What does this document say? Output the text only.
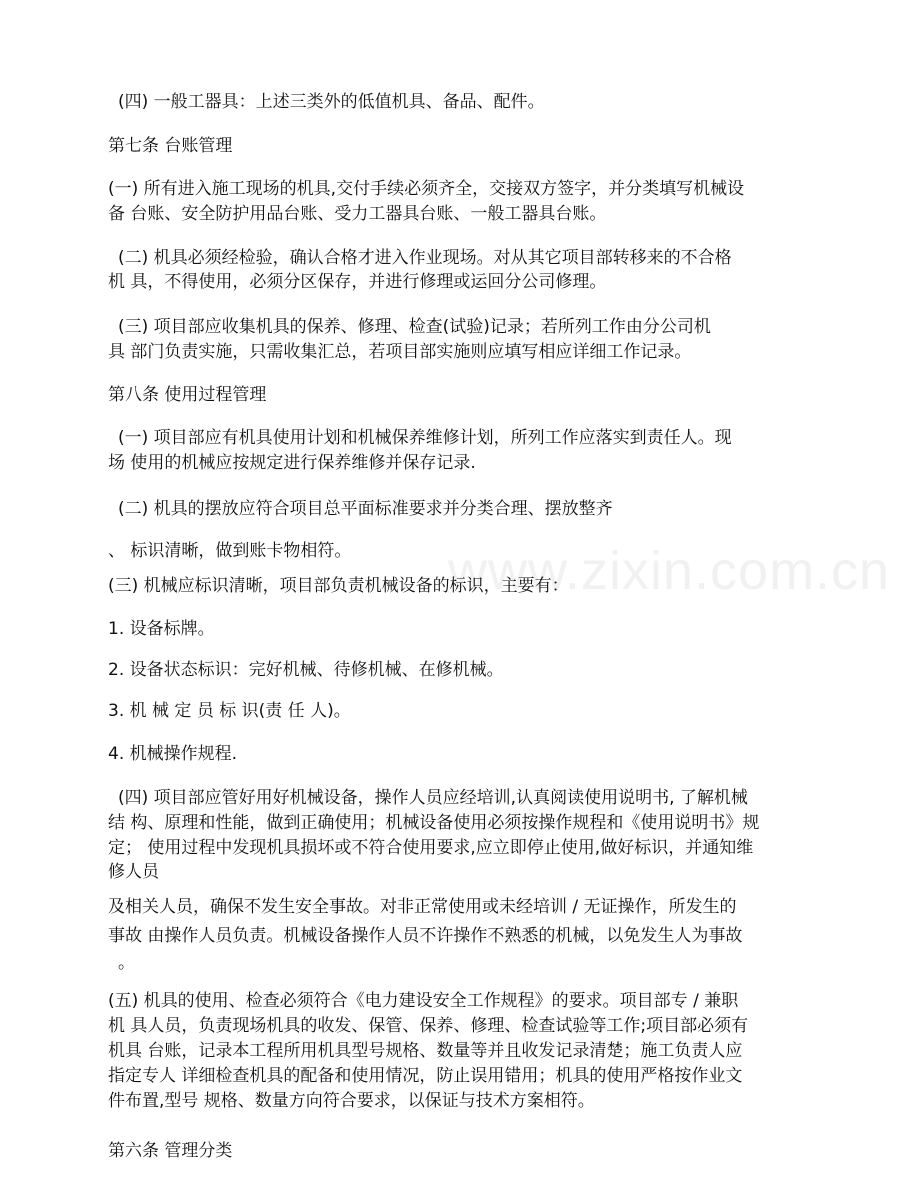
www.zixin.com.cn
(四) 一般工器具：上述三类外的低值机具、备品、配件。
第七条 台账管理
(一) 所有进入施工现场的机具,交付手续必须齐全，交接双方签字，并分类填写机械设
备 台账、安全防护用品台账、受力工器具台账、一般工器具台账。
(二) 机具必须经检验，确认合格才进入作业现场。对从其它项目部转移来的不合格
机 具，不得使用，必须分区保存，并进行修理或运回分公司修理。
(三) 项目部应收集机具的保养、修理、检查(试验)记录；若所列工作由分公司机
具 部门负责实施，只需收集汇总，若项目部实施则应填写相应详细工作记录。
第八条 使用过程管理
(一) 项目部应有机具使用计划和机械保养维修计划，所列工作应落实到责任人。现
场 使用的机械应按规定进行保养维修并保存记录.
(二) 机具的摆放应符合项目总平面标准要求并分类合理、摆放整齐
、 标识清晰，做到账卡物相符。
(三) 机械应标识清晰，项目部负责机械设备的标识，主要有：
1. 设备标牌。
2. 设备状态标识：完好机械、待修机械、在修机械。
3. 机 械 定 员 标 识(责 任 人)。
4. 机械操作规程.
(四) 项目部应管好用好机械设备，操作人员应经培训,认真阅读使用说明书, 了解机械
结 构、原理和性能，做到正确使用；机械设备使用必须按操作规程和《使用说明书》规
定； 使用过程中发现机具损坏或不符合使用要求,应立即停止使用,做好标识，并通知维
修人员
及相关人员，确保不发生安全事故。对非正常使用或未经培训 / 无证操作，所发生的
事故 由操作人员负责。机械设备操作人员不许操作不熟悉的机械，以免发生人为事故
。
(五) 机具的使用、检查必须符合《电力建设安全工作规程》的要求。项目部专 / 兼职
机 具人员，负责现场机具的收发、保管、保养、修理、检查试验等工作;项目部必须有
机具 台账，记录本工程所用机具型号规格、数量等并且收发记录清楚；施工负责人应
指定专人 详细检查机具的配备和使用情况，防止误用错用；机具的使用严格按作业文
件布置,型号 规格、数量方向符合要求，以保证与技术方案相符。
第六条 管理分类
